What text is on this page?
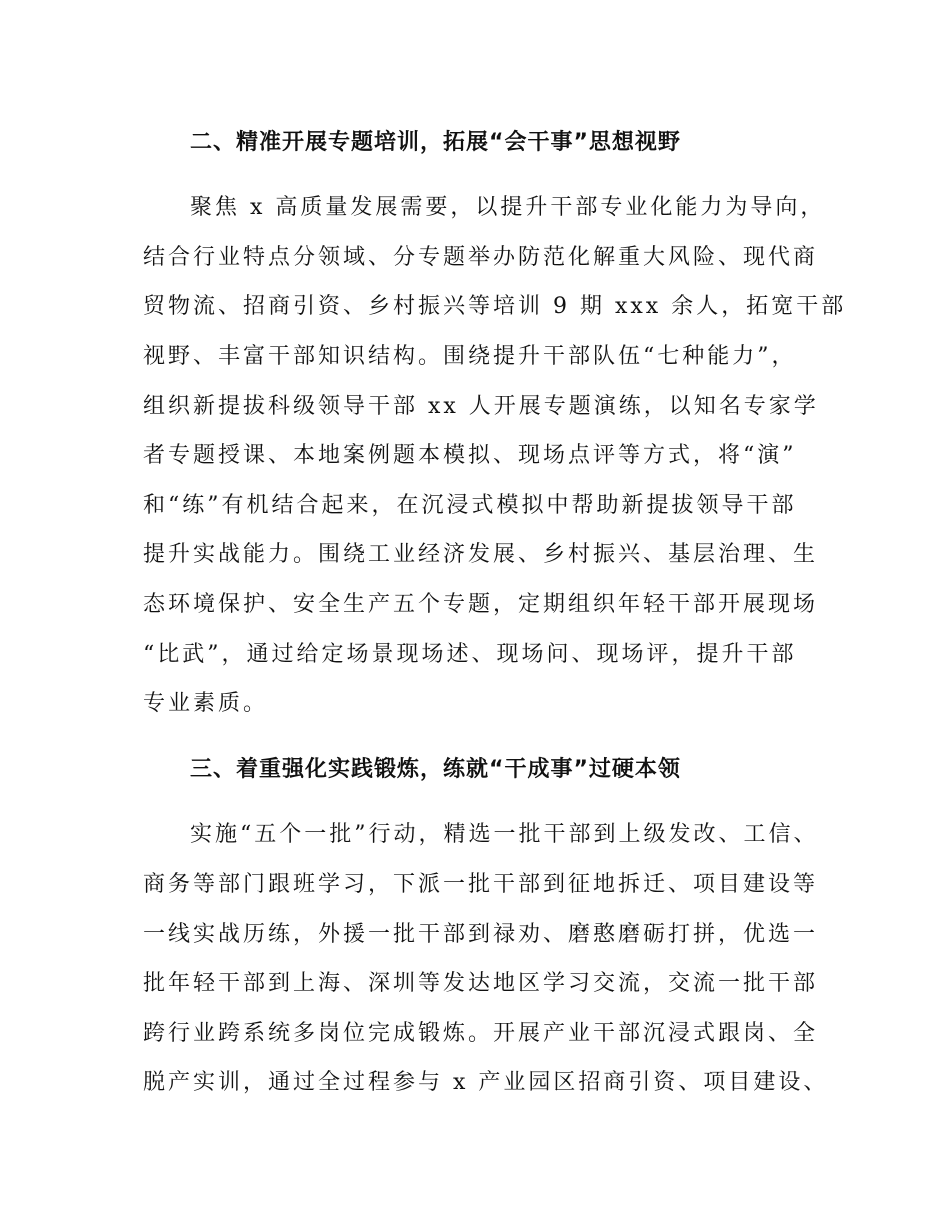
二、精准开展专题培训，拓展“会干事”思想视野
聚焦 x 高质量发展需要，以提升干部专业化能力为导向，
结合行业特点分领域、分专题举办防范化解重大风险、现代商
贸物流、招商引资、乡村振兴等培训 9 期 xxx 余人，拓宽干部
视野、丰富干部知识结构。围绕提升干部队伍“七种能力”，
组织新提拔科级领导干部 xx 人开展专题演练，以知名专家学
者专题授课、本地案例题本模拟、现场点评等方式，将“演”
和“练”有机结合起来，在沉浸式模拟中帮助新提拔领导干部
提升实战能力。围绕工业经济发展、乡村振兴、基层治理、生
态环境保护、安全生产五个专题，定期组织年轻干部开展现场
“比武”，通过给定场景现场述、现场问、现场评，提升干部
专业素质。
三、着重强化实践锻炼，练就“干成事”过硬本领
实施“五个一批”行动，精选一批干部到上级发改、工信、
商务等部门跟班学习，下派一批干部到征地拆迁、项目建设等
一线实战历练，外援一批干部到禄劝、磨憨磨砺打拼，优选一
批年轻干部到上海、深圳等发达地区学习交流，交流一批干部
跨行业跨系统多岗位完成锻炼。开展产业干部沉浸式跟岗、全
脱产实训，通过全过程参与 x 产业园区招商引资、项目建设、
